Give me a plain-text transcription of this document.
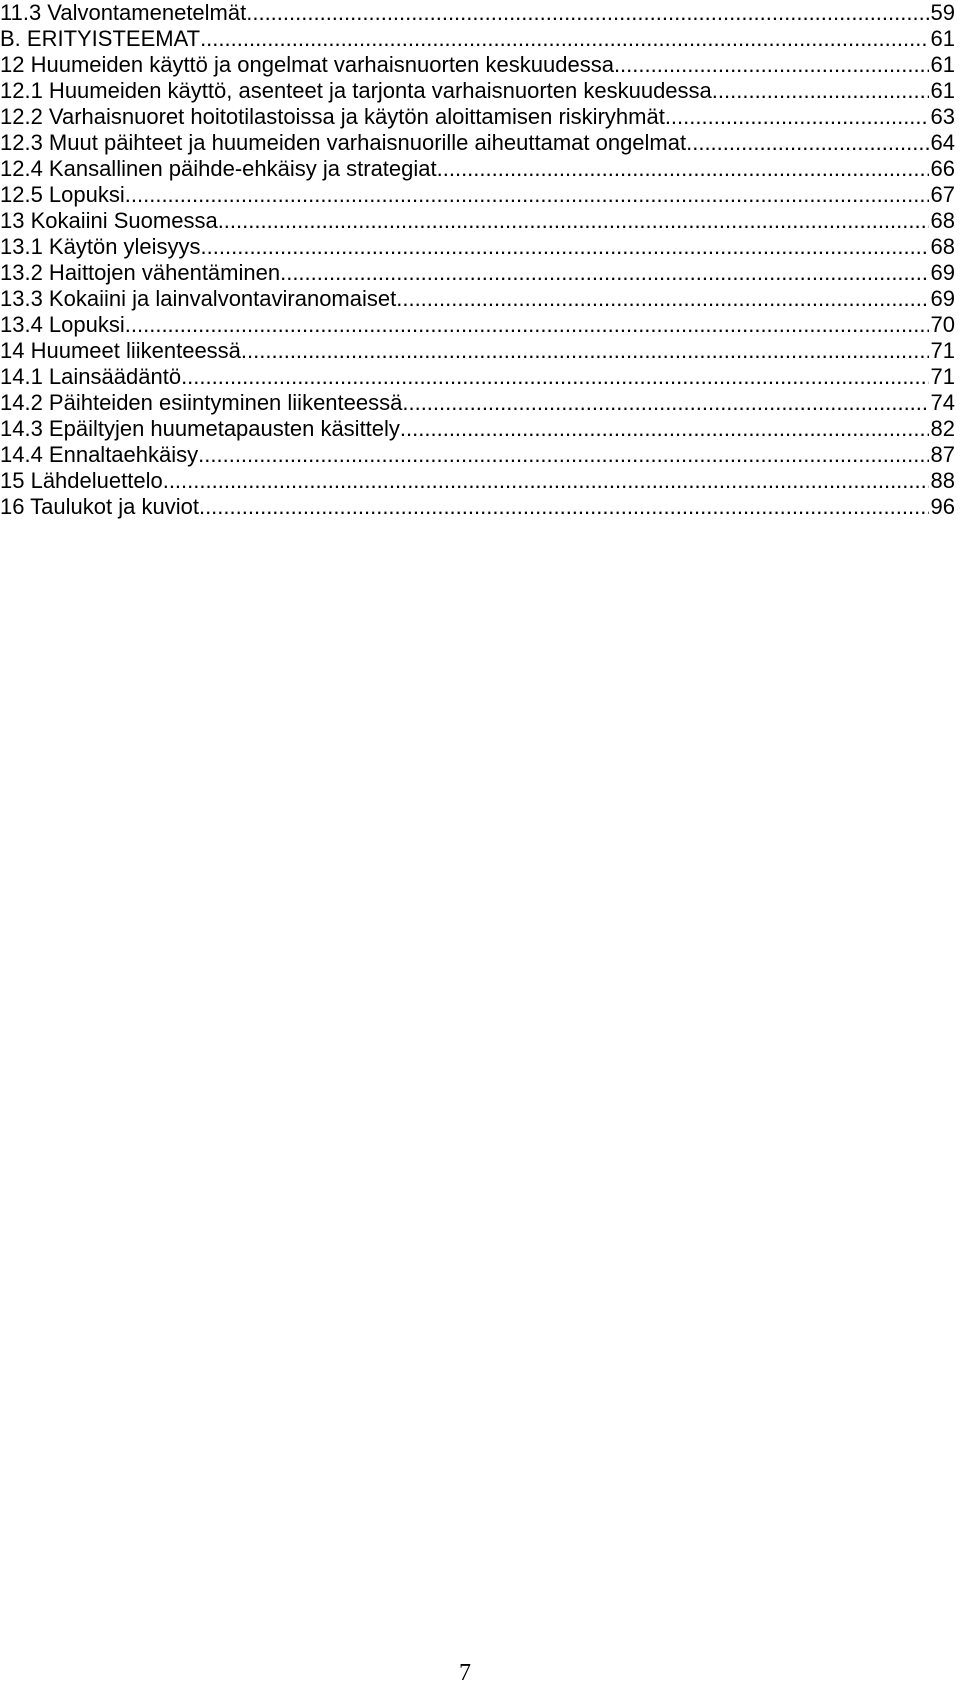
11.3 Valvontamenetelmät .....	59
B. ERITYISTEEMAT .....	61
12 Huumeiden käyttö ja ongelmat varhaisnuorten keskuudessa .....	61
12.1 Huumeiden käyttö, asenteet ja tarjonta varhaisnuorten keskuudessa .....	61
12.2 Varhaisnuoret hoitotilastoissa ja käytön aloittamisen riskiryhmät .....	63
12.3 Muut päihteet ja huumeiden varhaisnuorille aiheuttamat ongelmat .....	64
12.4 Kansallinen päihde-ehkäisy ja strategiat .....	66
12.5 Lopuksi .....	67
13 Kokaiini Suomessa .....	68
13.1 Käytön yleisyys .....	68
13.2 Haittojen vähentäminen .....	69
13.3 Kokaiini ja lainvalvontaviranomaiset .....	69
13.4 Lopuksi .....	70
14 Huumeet liikenteessä .....	71
14.1 Lainsäädäntö .....	71
14.2 Päihteiden esiintyminen liikenteessä .....	74
14.3 Epäiltyjen huumetapausten käsittely .....	82
14.4 Ennaltaehkäisy .....	87
15 Lähdeluettelo .....	88
16 Taulukot ja kuviot .....	96
7
